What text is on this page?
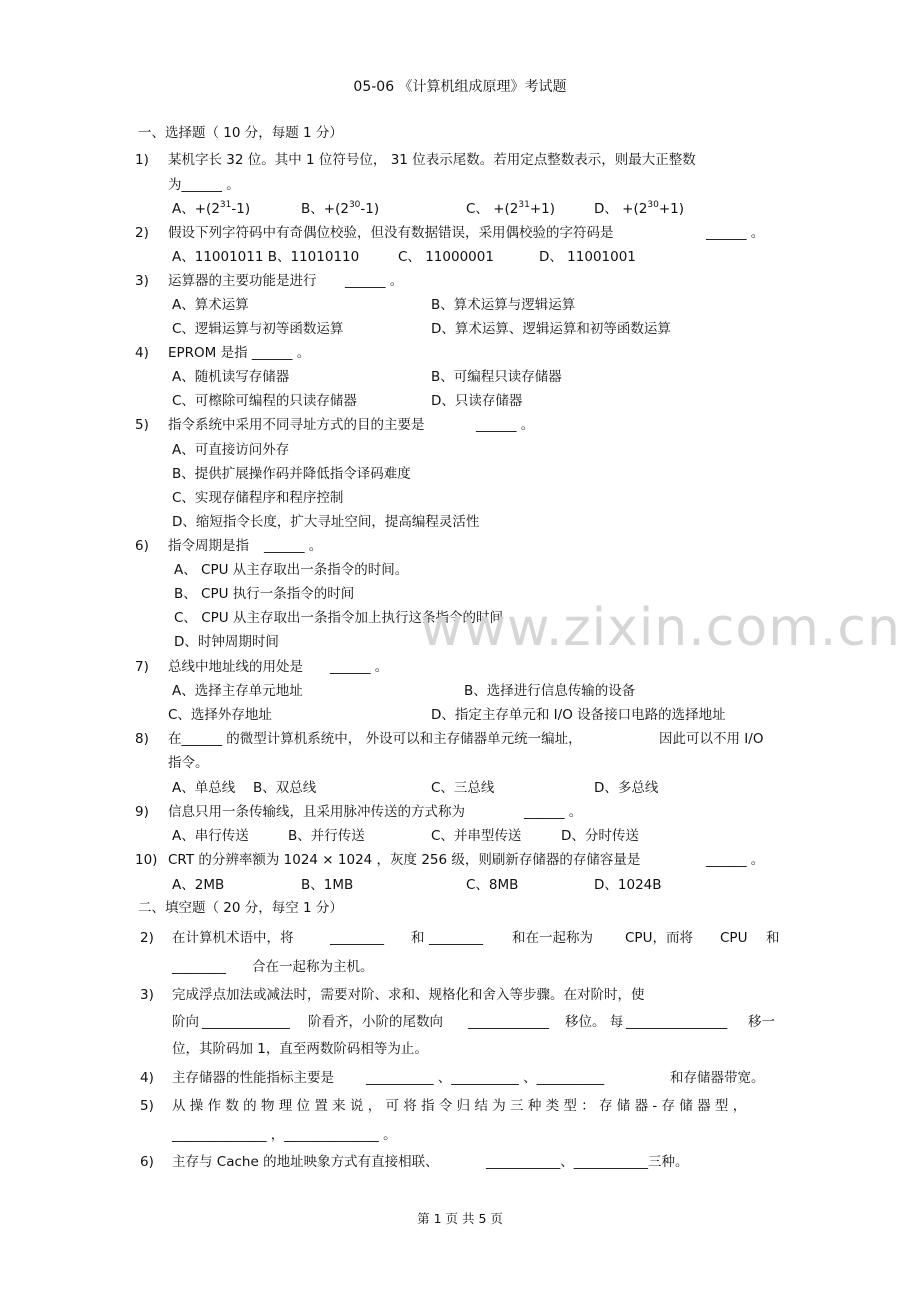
05-06 《计算机组成原理》考试题
一、选择题（ 10 分，每题 1 分）
1)	某机字长 32 位。其中 1 位符号位， 31 位表示尾数。若用定点整数表示，则最大正整数
为______ 。
A、$+(2^{31}-1)$	B、$+(2^{30}-1)$	C、 $+(2^{31}+1)$	D、 $+(2^{30}+1)$
2)	假设下列字符码中有奇偶位校验，但没有数据错误，采用偶校验的字符码是	______ 。
A、11001011 B、11010110	C、 11000001	D、 11001001
3)	运算器的主要功能是进行 ______ 。
A、算术运算	B、算术运算与逻辑运算
C、逻辑运算与初等函数运算	D、算术运算、逻辑运算和初等函数运算
4)	EPROM 是指 ______ 。
A、随机读写存储器	B、可编程只读存储器
C、可檫除可编程的只读存储器	D、只读存储器
5)	指令系统中采用不同寻址方式的目的主要是	______ 。
A、可直接访问外存
B、提供扩展操作码并降低指令译码难度
C、实现存储程序和程序控制
D、缩短指令长度，扩大寻址空间，提高编程灵活性
6)	指令周期是指 ______ 。
A、 CPU 从主存取出一条指令的时间。
B、 CPU 执行一条指令的时间
C、 CPU 从主存取出一条指令加上执行这条指令的时间
D、时钟周期时间	www.zixin.com.cn
7)	总线中地址线的用处是 ______ 。
A、选择主存单元地址	B、选择进行信息传输的设备
C、选择外存地址	D、指定主存单元和 I/O 设备接口电路的选择地址
8)	在______ 的微型计算机系统中， 外设可以和主存储器单元统一编址，	因此可以不用 I/O
指令。
A、单总线 B、双总线	C、三总线	D、多总线
9)	信息只用一条传输线，且采用脉冲传送的方式称为	______ 。
A、串行传送	B、并行传送	C、并串型传送	D、分时传送
10) CRT 的分辨率额为 1024 × 1024 ，灰度 256 级，则刷新存储器的存储容量是	______ 。
A、2MB	B、1MB	C、8MB	D、1024B
二、填空题（ 20 分，每空 1 分）
2)	在计算机术语中，将	________ 和 ________ 和在一起称为 CPU，而将 CPU 和
________ 合在一起称为主机。
3)	完成浮点加法或减法时，需要对阶、求和、规格化和舍入等步骤。在对阶时，使
阶向 _____________ 阶看齐，小阶的尾数向 ____________ 移位。 每 _______________ 移一
位，其阶码加 1，直至两数阶码相等为止。
4)	主存储器的性能指标主要是 __________ 、__________ 、__________	和存储器带宽。
5)	从 操 作 数 的 物 理 位 置 来 说 ， 可 将 指 令 归 结 为 三 种 类 型 ： 存 储 器 - 存 储 器 型 ，
______________ ，______________ 。
6)	主存与 Cache 的地址映象方式有直接相联、	___________、___________三种。
第 1 页 共 5 页
